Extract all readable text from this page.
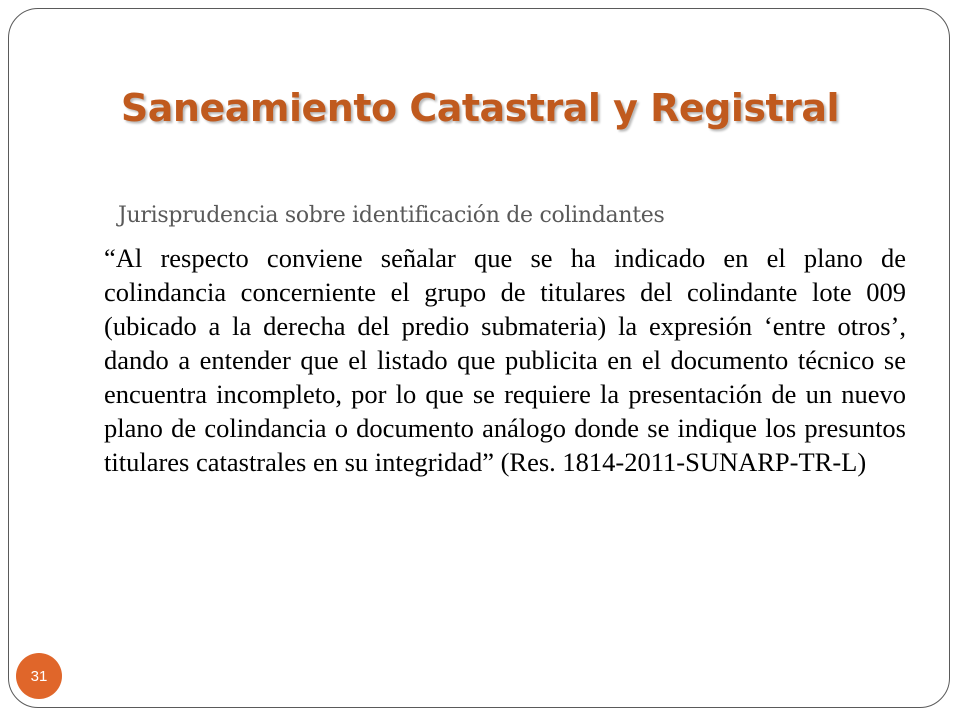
Saneamiento Catastral y Registral
Jurisprudencia sobre identificación de colindantes

“Al respecto conviene señalar que se ha indicado en el plano de colindancia concerniente el grupo de titulares del colindante lote 009 (ubicado a la derecha del predio submateria) la expresión ‘entre otros’, dando a entender que el listado que publicita en el documento técnico se encuentra incompleto, por lo que se requiere la presentación de un nuevo plano de colindancia o documento análogo donde se indique los presuntos titulares catastrales en su integridad” (Res. 1814-2011-SUNARP-TR-L)

31
